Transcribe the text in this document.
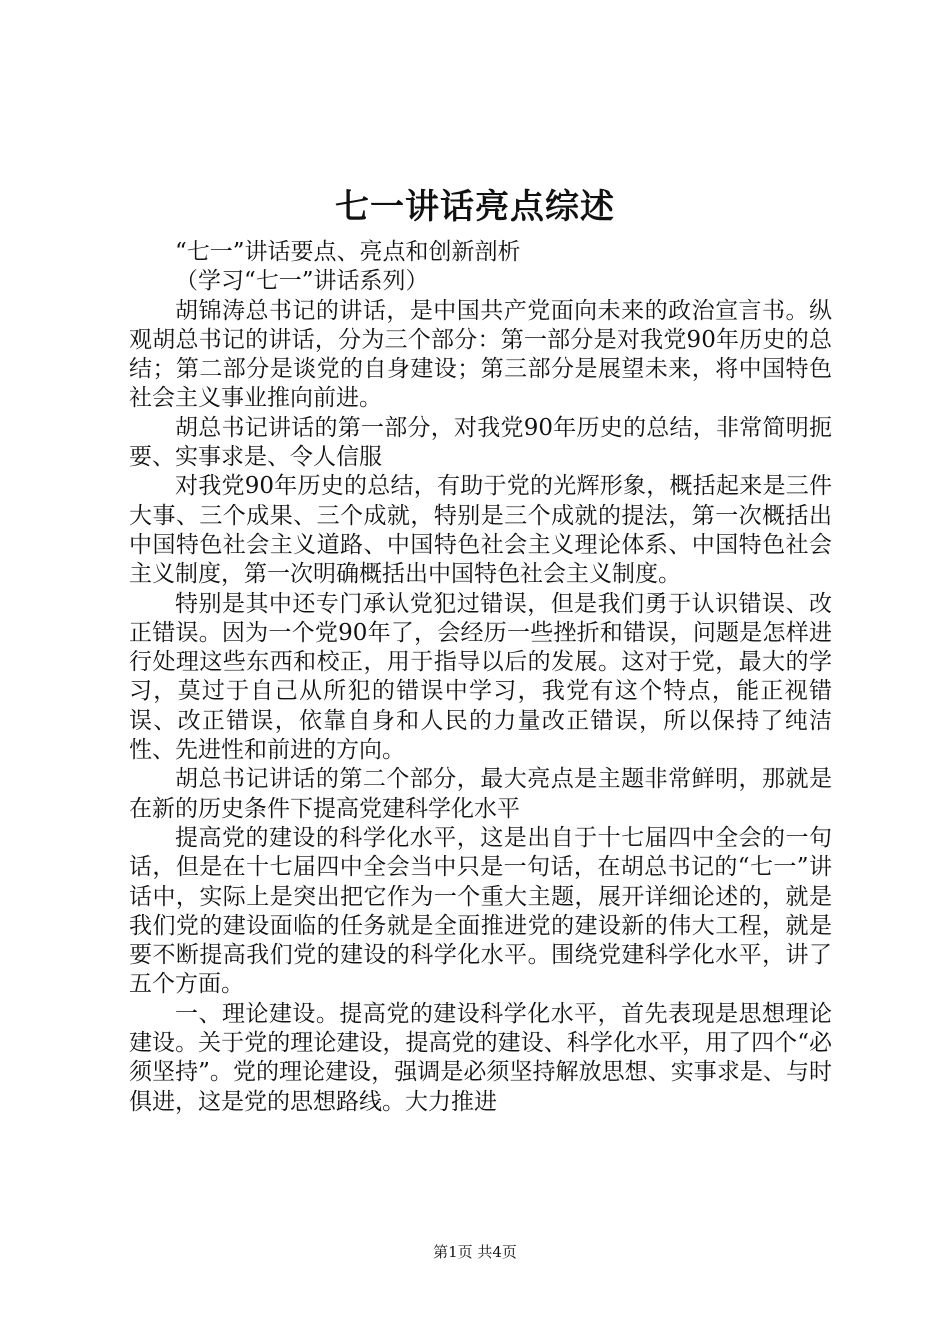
七一讲话亮点综述

“七一”讲话要点、亮点和创新剖析

（学习“七一”讲话系列）

胡锦涛总书记的讲话，是中国共产党面向未来的政治宣言书。纵观胡总书记的讲话，分为三个部分：第一部分是对我党90年历史的总结；第二部分是谈党的自身建设；第三部分是展望未来，将中国特色社会主义事业推向前进。

胡总书记讲话的第一部分，对我党90年历史的总结，非常简明扼要、实事求是、令人信服

对我党90年历史的总结，有助于党的光辉形象，概括起来是三件大事、三个成果、三个成就，特别是三个成就的提法，第一次概括出中国特色社会主义道路、中国特色社会主义理论体系、中国特色社会主义制度，第一次明确概括出中国特色社会主义制度。

特别是其中还专门承认党犯过错误，但是我们勇于认识错误、改正错误。因为一个党90年了，会经历一些挫折和错误，问题是怎样进行处理这些东西和校正，用于指导以后的发展。这对于党，最大的学习，莫过于自己从所犯的错误中学习，我党有这个特点，能正视错误、改正错误，依靠自身和人民的力量改正错误，所以保持了纯洁性、先进性和前进的方向。

胡总书记讲话的第二个部分，最大亮点是主题非常鲜明，那就是在新的历史条件下提高党建科学化水平

提高党的建设的科学化水平，这是出自于十七届四中全会的一句话，但是在十七届四中全会当中只是一句话，在胡总书记的“七一”讲话中，实际上是突出把它作为一个重大主题，展开详细论述的，就是我们党的建设面临的任务就是全面推进党的建设新的伟大工程，就是要不断提高我们党的建设的科学化水平。围绕党建科学化水平，讲了五个方面。

一、理论建设。提高党的建设科学化水平，首先表现是思想理论建设。关于党的理论建设，提高党的建设、科学化水平，用了四个“必须坚持”。党的理论建设，强调是必须坚持解放思想、实事求是、与时俱进，这是党的思想路线。大力推进

第1页 共4页
